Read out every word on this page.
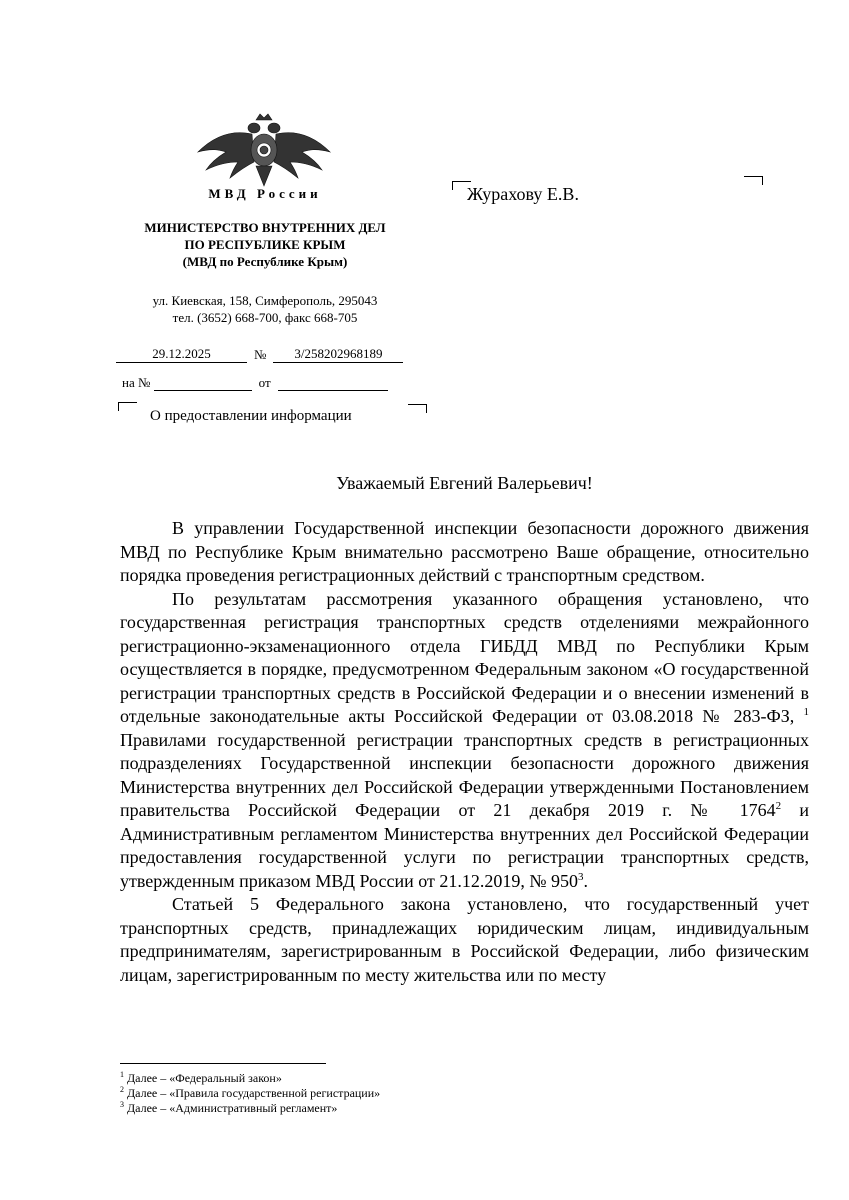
МВД России
МИНИСТЕРСТВО ВНУТРЕННИХ ДЕЛ
ПО РЕСПУБЛИКЕ КРЫМ
(МВД по Республике Крым)
ул. Киевская, 158, Симферополь, 295043
тел. (3652) 668-700, факс 668-705
29.12.2025	№ 3/258202968189
на №	от
О предоставлении информации
Журахову Е.В.
Уважаемый Евгений Валерьевич!

В управлении Государственной инспекции безопасности дорожного движения МВД по Республике Крым внимательно рассмотрено Ваше обращение, относительно порядка проведения регистрационных действий с транспортным средством.

По результатам рассмотрения указанного обращения установлено, что государственная регистрация транспортных средств отделениями межрайонного регистрационно-экзаменационного отдела ГИБДД МВД по Республики Крым осуществляется в порядке, предусмотренном Федеральным законом «О государственной регистрации транспортных средств в Российской Федерации и о внесении изменений в отдельные законодательные акты Российской Федерации от 03.08.2018 № 283-ФЗ, $^1$ Правилами государственной регистрации транспортных средств в регистрационных подразделениях Государственной инспекции безопасности дорожного движения Министерства внутренних дел Российской Федерации утвержденными Постановлением правительства Российской Федерации от 21 декабря 2019 г. № 1764$^2$ и Административным регламентом Министерства внутренних дел Российской Федерации предоставления государственной услуги по регистрации транспортных средств, утвержденным приказом МВД России от 21.12.2019, № $950^3$.

Статьей 5 Федерального закона установлено, что государственный учет транспортных средств, принадлежащих юридическим лицам, индивидуальным предпринимателям, зарегистрированным в Российской Федерации, либо физическим лицам, зарегистрированным по месту жительства или по месту

$^1$ Далее – «Федеральный закон»
$^2$ Далее – «Правила государственной регистрации»
$^3$ Далее – «Административный регламент»
